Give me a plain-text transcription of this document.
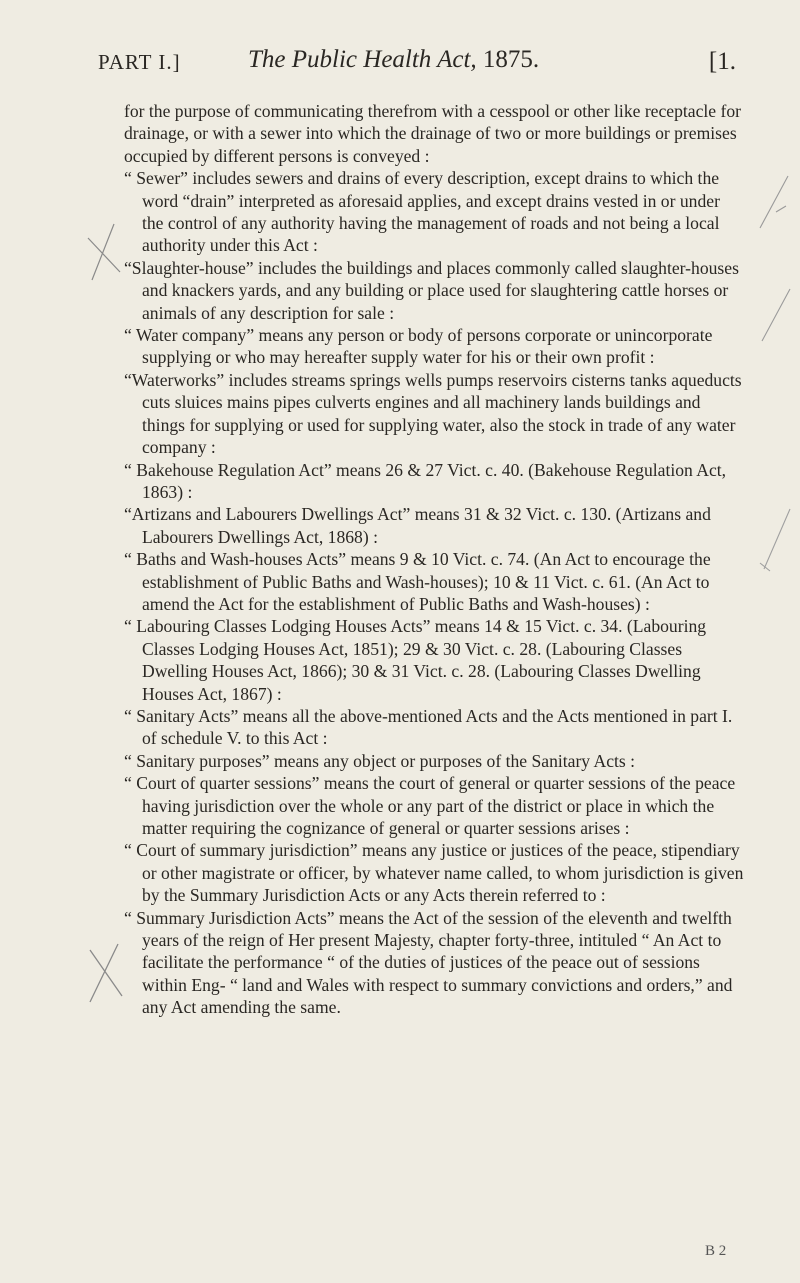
PART I.]	The Public Health Act, 1875.	[1.

for the purpose of communicating therefrom with a cesspool or other like receptacle for drainage, or with a sewer into which the drainage of two or more buildings or premises occupied by different persons is conveyed :

“ Sewer” includes sewers and drains of every description, except drains to which the word “drain” interpreted as aforesaid applies, and except drains vested in or under the control of any authority having the management of roads and not being a local authority under this Act :

“Slaughter-house” includes the buildings and places commonly called slaughter-houses and knackers yards, and any building or place used for slaughtering cattle horses or animals of any description for sale :

“ Water company” means any person or body of persons corporate or unincorporate supplying or who may hereafter supply water for his or their own profit :

“Waterworks” includes streams springs wells pumps reservoirs cisterns tanks aqueducts cuts sluices mains pipes culverts engines and all machinery lands buildings and things for supplying or used for supplying water, also the stock in trade of any water company :

“ Bakehouse Regulation Act” means 26 & 27 Vict. c. 40. (Bakehouse Regulation Act, 1863) :

“Artizans and Labourers Dwellings Act” means 31 & 32 Vict. c. 130. (Artizans and Labourers Dwellings Act, 1868) :

“ Baths and Wash-houses Acts” means 9 & 10 Vict. c. 74. (An Act to encourage the establishment of Public Baths and Wash-houses); 10 & 11 Vict. c. 61. (An Act to amend the Act for the establishment of Public Baths and Wash-houses) :

“ Labouring Classes Lodging Houses Acts” means 14 & 15 Vict. c. 34. (Labouring Classes Lodging Houses Act, 1851); 29 & 30 Vict. c. 28. (Labouring Classes Dwelling Houses Act, 1866); 30 & 31 Vict. c. 28. (Labouring Classes Dwelling Houses Act, 1867) :

“ Sanitary Acts” means all the above-mentioned Acts and the Acts mentioned in part I. of schedule V. to this Act :

“ Sanitary purposes” means any object or purposes of the Sanitary Acts :

“ Court of quarter sessions” means the court of general or quarter sessions of the peace having jurisdiction over the whole or any part of the district or place in which the matter requiring the cognizance of general or quarter sessions arises :

“ Court of summary jurisdiction” means any justice or justices of the peace, stipendiary or other magistrate or officer, by whatever name called, to whom jurisdiction is given by the Summary Jurisdiction Acts or any Acts therein referred to :

“ Summary Jurisdiction Acts” means the Act of the session of the eleventh and twelfth years of the reign of Her present Majesty, chapter forty-three, intituled “ An Act to facilitate the performance “ of the duties of justices of the peace out of sessions within Eng- “ land and Wales with respect to summary convictions and orders,” and any Act amending the same.

B 2
